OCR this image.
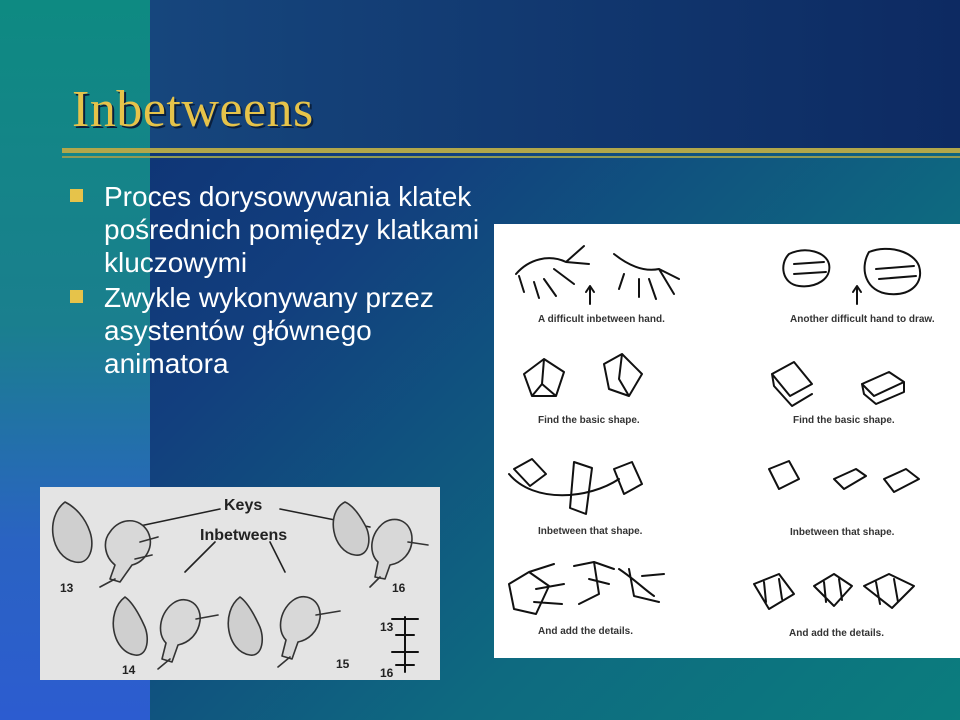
Inbetweens
Proces dorysowywania klatek pośrednich pomiędzy klatkami kluczowymi
Zwykle wykonywany przez asystentów głównego animatora
A difficult inbetween hand.	Another difficult hand to draw.
Find the basic shape.	Find the basic shape.
Inbetween that shape.	Inbetween that shape.
And add the details.	And add the details.
Keys
Inbetweens
13
14	15
16
13
16
